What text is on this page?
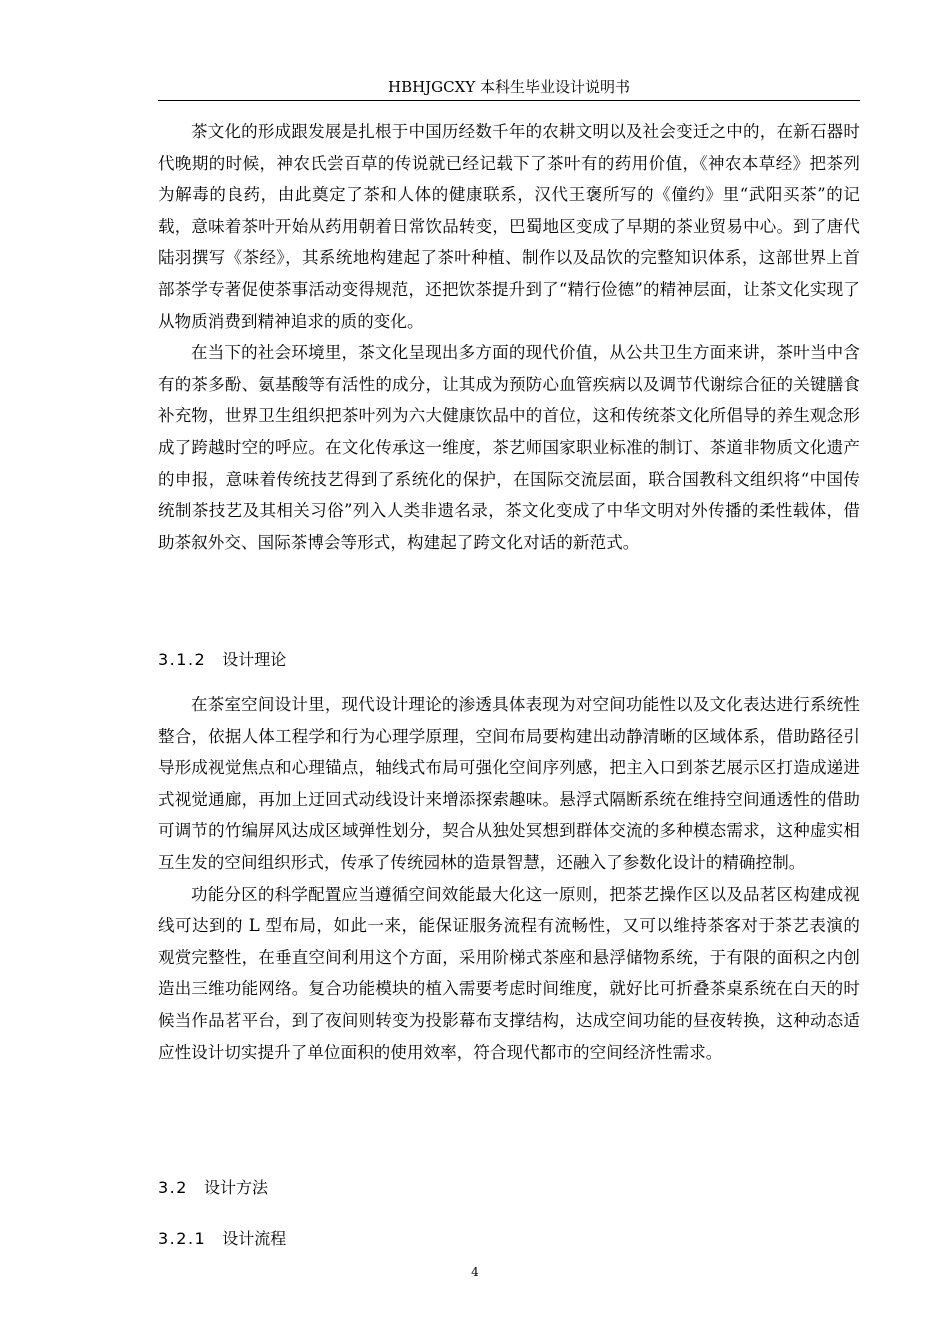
HBHJGCXY 本科生毕业设计说明书

茶文化的形成跟发展是扎根于中国历经数千年的农耕文明以及社会变迁之中的，在新石器时代晚期的时候，神农氏尝百草的传说就已经记载下了茶叶有的药用价值，《神农本草经》把茶列为解毒的良药，由此奠定了茶和人体的健康联系，汉代王褒所写的《僮约》里“武阳买茶”的记载，意味着茶叶开始从药用朝着日常饮品转变，巴蜀地区变成了早期的茶业贸易中心。到了唐代陆羽撰写《茶经》，其系统地构建起了茶叶种植、制作以及品饮的完整知识体系，这部世界上首部茶学专著促使茶事活动变得规范，还把饮茶提升到了“精行俭德”的精神层面，让茶文化实现了从物质消费到精神追求的质的变化。

在当下的社会环境里，茶文化呈现出多方面的现代价值，从公共卫生方面来讲，茶叶当中含有的茶多酚、氨基酸等有活性的成分，让其成为预防心血管疾病以及调节代谢综合征的关键膳食补充物，世界卫生组织把茶叶列为六大健康饮品中的首位，这和传统茶文化所倡导的养生观念形成了跨越时空的呼应。在文化传承这一维度，茶艺师国家职业标准的制订、茶道非物质文化遗产的申报，意味着传统技艺得到了系统化的保护，在国际交流层面，联合国教科文组织将“中国传统制茶技艺及其相关习俗”列入人类非遗名录，茶文化变成了中华文明对外传播的柔性载体，借助茶叙外交、国际茶博会等形式，构建起了跨文化对话的新范式。

3.1.2 设计理论

在茶室空间设计里，现代设计理论的渗透具体表现为对空间功能性以及文化表达进行系统性整合，依据人体工程学和行为心理学原理，空间布局要构建出动静清晰的区域体系，借助路径引导形成视觉焦点和心理锚点，轴线式布局可强化空间序列感，把主入口到茶艺展示区打造成递进式视觉通廊，再加上迂回式动线设计来增添探索趣味。悬浮式隔断系统在维持空间通透性的借助可调节的竹编屏风达成区域弹性划分，契合从独处冥想到群体交流的多种模态需求，这种虚实相互生发的空间组织形式，传承了传统园林的造景智慧，还融入了参数化设计的精确控制。

功能分区的科学配置应当遵循空间效能最大化这一原则，把茶艺操作区以及品茗区构建成视线可达到的 L 型布局，如此一来，能保证服务流程有流畅性，又可以维持茶客对于茶艺表演的观赏完整性，在垂直空间利用这个方面，采用阶梯式茶座和悬浮储物系统，于有限的面积之内创造出三维功能网络。复合功能模块的植入需要考虑时间维度，就好比可折叠茶桌系统在白天的时候当作品茗平台，到了夜间则转变为投影幕布支撑结构，达成空间功能的昼夜转换，这种动态适应性设计切实提升了单位面积的使用效率，符合现代都市的空间经济性需求。

3.2 设计方法
3.2.1 设计流程
4
